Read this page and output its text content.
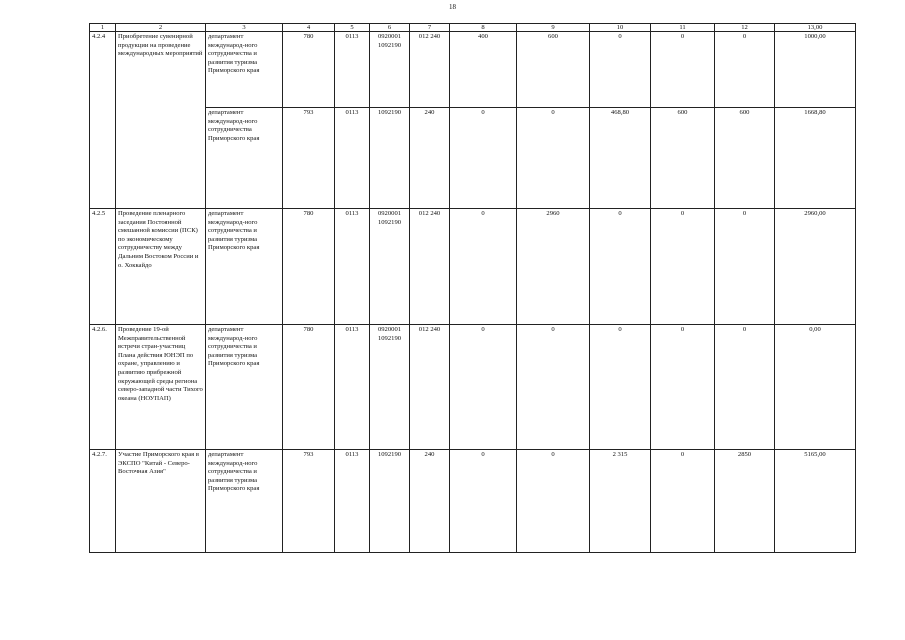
18
1	2	3	4	5	6	7	8	9	10	11	12	13,00
4.2.4	Приобретение сувенирной продукции на проведение международных мероприятий	департамент междунаpод-ного сотрудничества и развития туризма Приморского края	780	0113	0920001 1092190	012 240	400	600	0	0	0	1000,00
		департамент междунаpод-ного сотрудничества Приморского края	793	0113	1092190	240	0	0	468,80	600	600	1668,80
4.2.5	Проведение пленарного заседания Постоянной смешанной комиссии (ПСК) по экономическому сотрудничеству между Дальним Востоком России и о. Хоккайдо	департамент междунаpод-ного сотрудничества и развития туризма Приморского края	780	0113	0920001 1092190	012 240	0	2960	0	0	0	2960,00
4.2.6.	Проведение 19-ой Межправительственной встречи стран-участниц Плана действия ЮНЭП по охране, управлению и развитию прибрежной окружающей среды региона северо-западной части Тихого океана (НОУПАП)	департамент междунаpод-ного сотрудничества и развития туризма Приморского края	780	0113	0920001 1092190	012 240	0	0	0	0	0	0,00
4.2.7.	Участие Приморского края в ЭКСПО "Китай - Северо-Восточная Азия"	департамент междунаpод-ного сотрудничества и развития туризма Приморского края	793	0113	1092190	240	0	0	2 315	0	2850	5165,00
